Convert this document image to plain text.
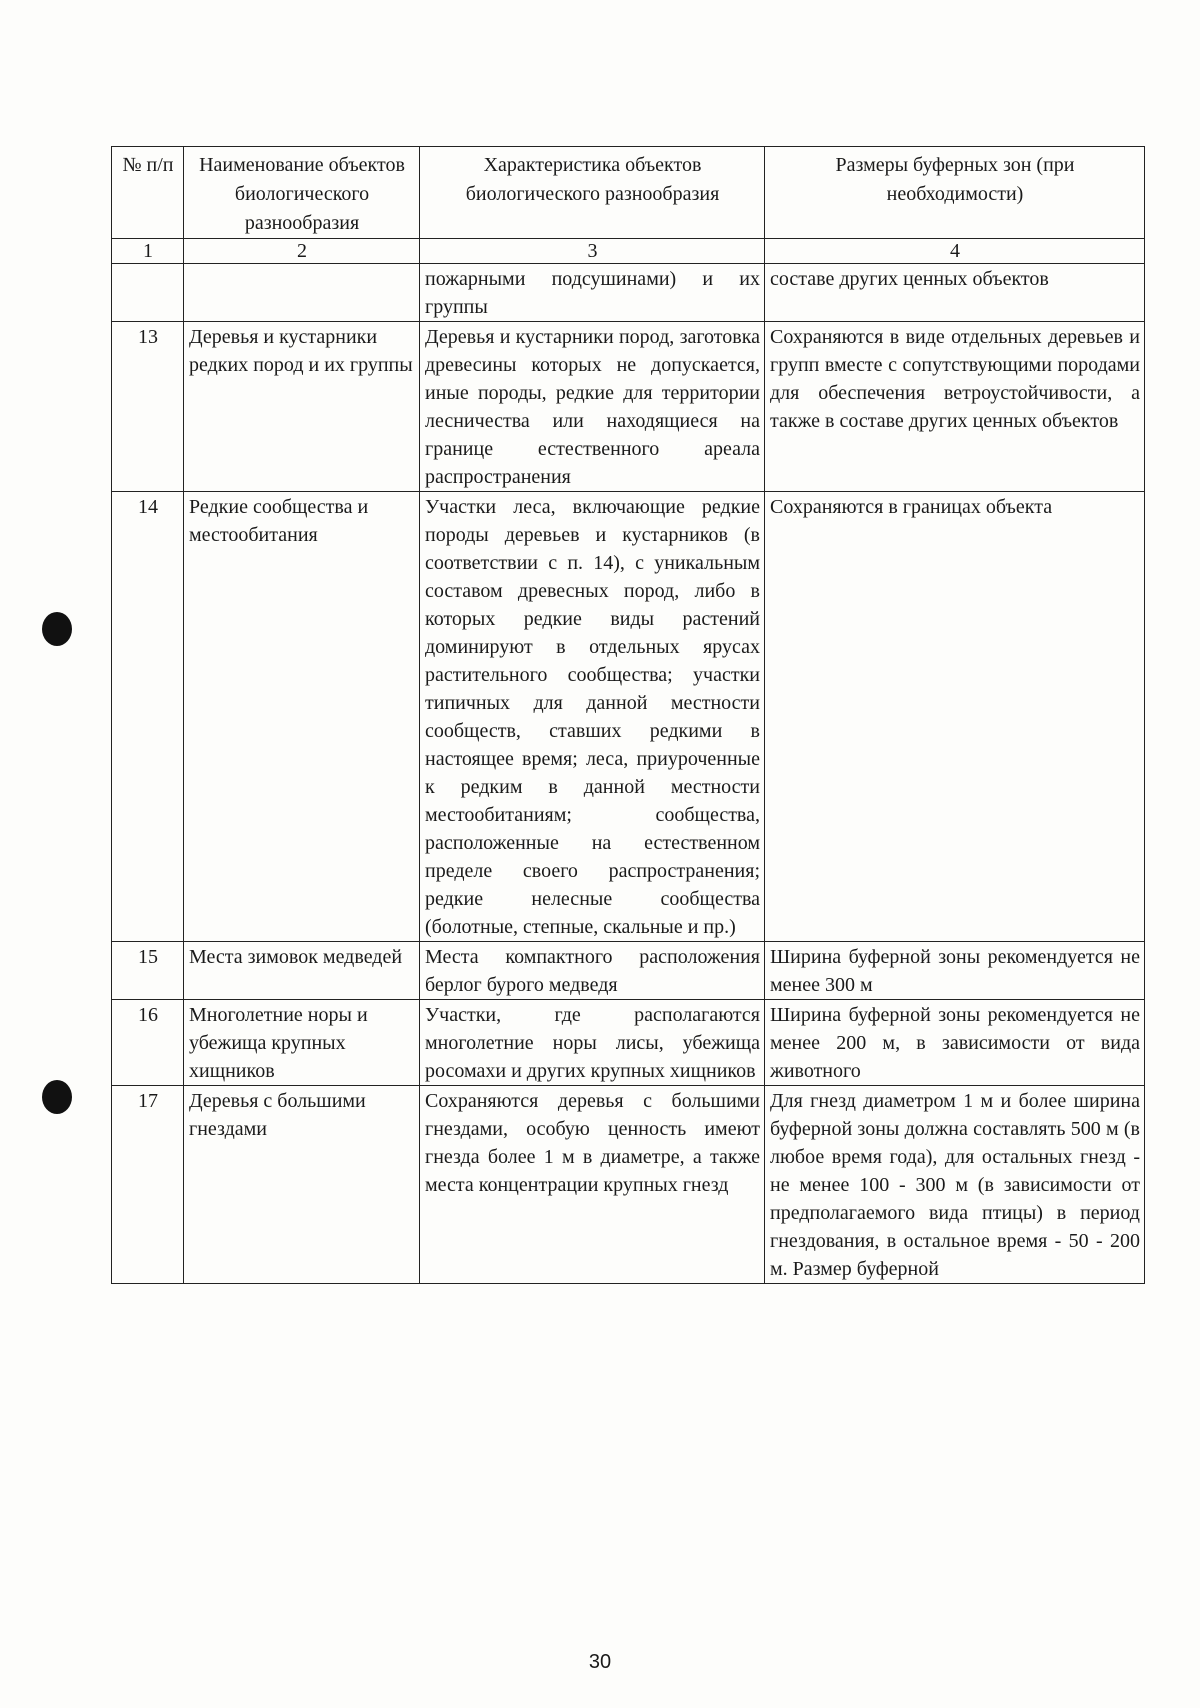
№ п/п	Наименование объектов биологического разнообразия	Характеристика объектов биологического разнообразия	Размеры буферных зон (при необходимости)
1	2	3	4
		пожарными подсушинами) и их группы	составе других ценных объектов
13	Деревья и кустарники редких пород и их группы	Деревья и кустарники пород, заготовка древесины которых не допускается, иные породы, редкие для территории лесничества или находящиеся на границе естественного ареала распространения	Сохраняются в виде отдельных деревьев и групп вместе с сопутствующими породами для обеспечения ветроустойчивости, а также в составе других ценных объектов
14	Редкие сообщества и местообитания	Участки леса, включающие редкие породы деревьев и кустарников (в соответствии с п. 14), с уникальным составом древесных пород, либо в которых редкие виды растений доминируют в отдельных ярусах растительного сообщества; участки типичных для данной местности сообществ, ставших редкими в настоящее время; леса, приуроченные к редким в данной местности местообитаниям; сообщества, расположенные на естественном пределе своего распространения; редкие нелесные сообщества (болотные, степные, скальные и пр.)	Сохраняются в границах объекта
15	Места зимовок медведей	Места компактного расположения берлог бурого медведя	Ширина буферной зоны рекомендуется не менее 300 м
16	Многолетние норы и убежища крупных хищников	Участки, где располагаются многолетние норы лисы, убежища росомахи и других крупных хищников	Ширина буферной зоны рекомендуется не менее 200 м, в зависимости от вида животного
17	Деревья с большими гнездами	Сохраняются деревья с большими гнездами, особую ценность имеют гнезда более 1 м в диаметре, а также места концентрации крупных гнезд	Для гнезд диаметром 1 м и более ширина буферной зоны должна составлять 500 м (в любое время года), для остальных гнезд - не менее 100 - 300 м (в зависимости от предполагаемого вида птицы) в период гнездования, в остальное время - 50 - 200 м. Размер буферной
30
